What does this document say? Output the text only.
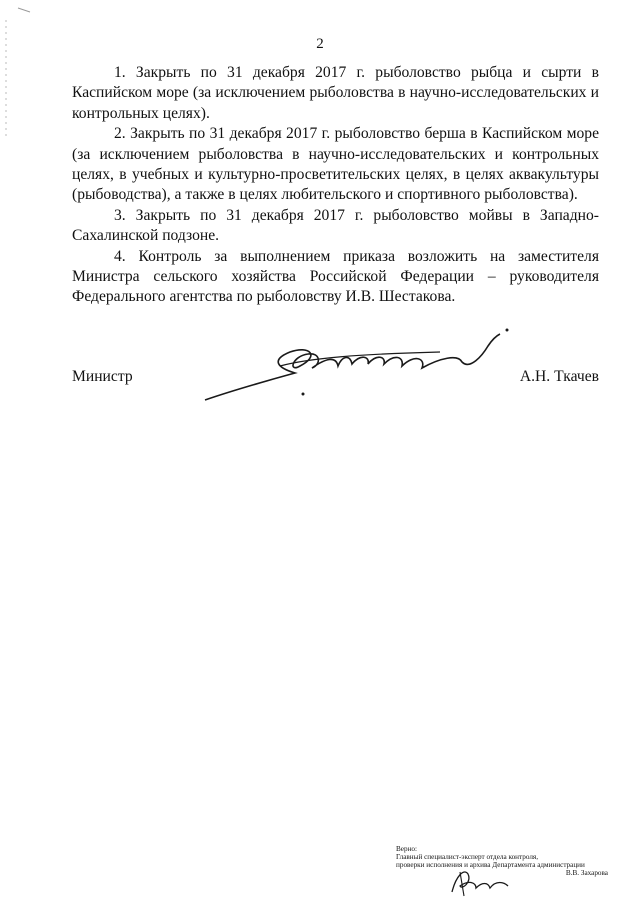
2

1. Закрыть по 31 декабря 2017 г. рыболовство рыбца и сырти в Каспийском море (за исключением рыболовства в научно-исследовательских и контрольных целях).

2. Закрыть по 31 декабря 2017 г. рыболовство берша в Каспийском море (за исключением рыболовства в научно-исследовательских и контрольных целях, в учебных и культурно-просветительских целях, в целях аквакультуры (рыбоводства), а также в целях любительского и спортивного рыболовства).

3. Закрыть по 31 декабря 2017 г. рыболовство мойвы в Западно-Сахалинской подзоне.

4. Контроль за выполнением приказа возложить на заместителя Министра сельского хозяйства Российской Федерации – руководителя Федерального агентства по рыболовству И.В. Шестакова.

Министр	А.Н. Ткачев
Верно:
Главный специалист-эксперт отдела контроля,
проверки исполнения и архива Департамента администрации
В.В. Захарова
